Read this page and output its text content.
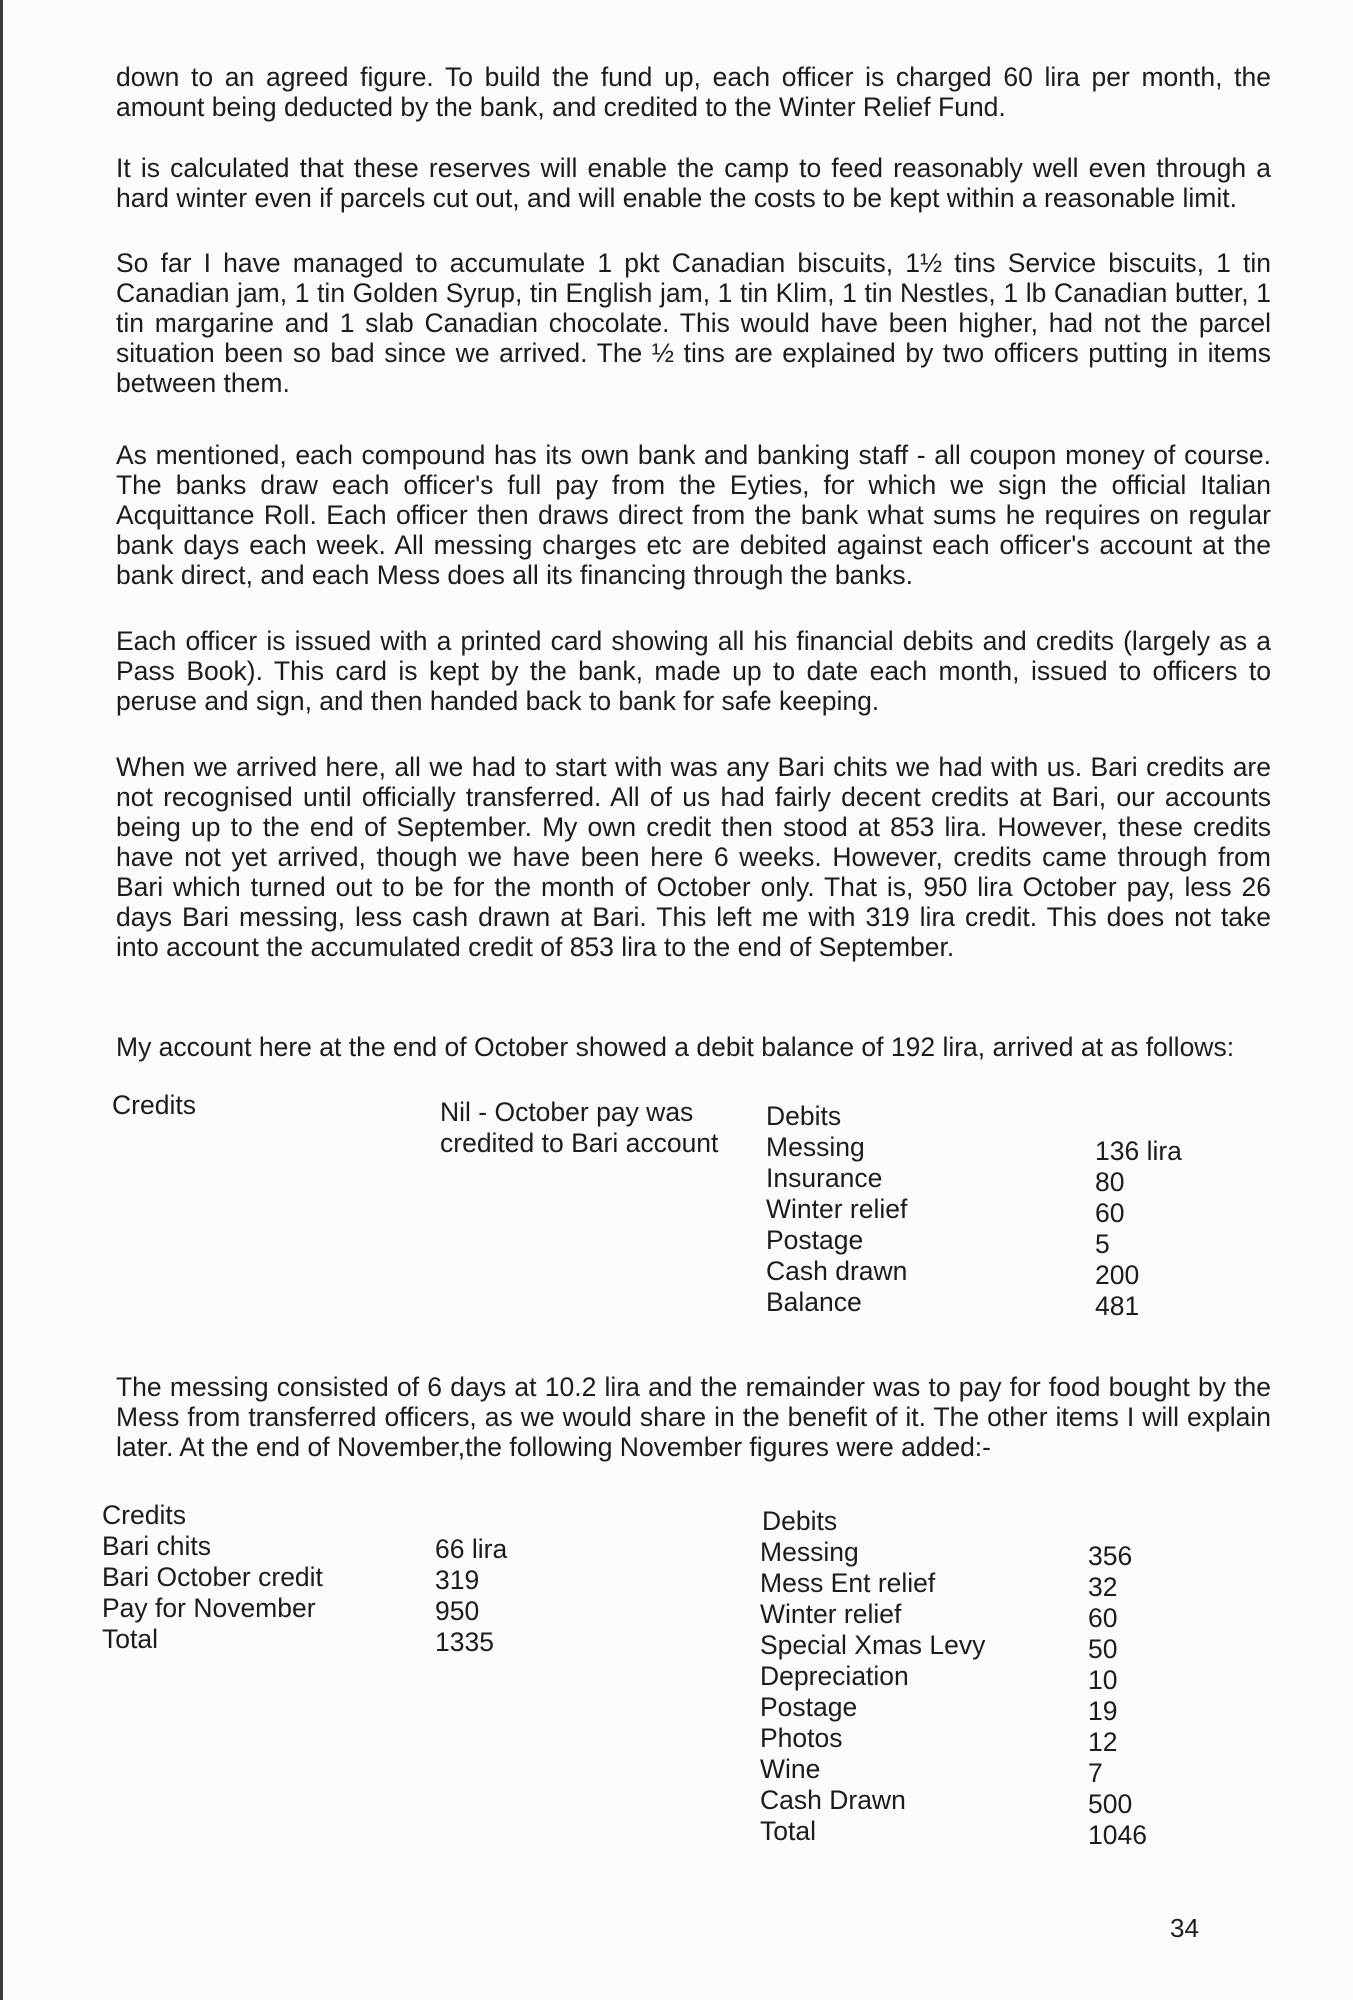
down to an agreed figure. To build the fund up, each officer is charged 60 lira per month, the amount being deducted by the bank, and credited to the Winter Relief Fund.

It is calculated that these reserves will enable the camp to feed reasonably well even through a hard winter even if parcels cut out, and will enable the costs to be kept within a reasonable limit.

So far I have managed to accumulate 1 pkt Canadian biscuits, 1½ tins Service biscuits, 1 tin Canadian jam, 1 tin Golden Syrup, tin English jam, 1 tin Klim, 1 tin Nestles, 1 lb Canadian butter, 1 tin margarine and 1 slab Canadian chocolate. This would have been higher, had not the parcel situation been so bad since we arrived. The ½ tins are explained by two officers putting in items between them.

As mentioned, each compound has its own bank and banking staff - all coupon money of course. The banks draw each officer's full pay from the Eyties, for which we sign the official Italian Acquittance Roll. Each officer then draws direct from the bank what sums he requires on regular bank days each week. All messing charges etc are debited against each officer's account at the bank direct, and each Mess does all its financing through the banks.

Each officer is issued with a printed card showing all his financial debits and credits (largely as a Pass Book). This card is kept by the bank, made up to date each month, issued to officers to peruse and sign, and then handed back to bank for safe keeping.

When we arrived here, all we had to start with was any Bari chits we had with us. Bari credits are not recognised until officially transferred. All of us had fairly decent credits at Bari, our accounts being up to the end of September. My own credit then stood at 853 lira. However, these credits have not yet arrived, though we have been here 6 weeks. However, credits came through from Bari which turned out to be for the month of October only. That is, 950 lira October pay, less 26 days Bari messing, less cash drawn at Bari. This left me with 319 lira credit. This does not take into account the accumulated credit of 853 lira to the end of September.

My account here at the end of October showed a debit balance of 192 lira, arrived at as follows:

Credits	Nil - October pay was
credited to Bari account
Debits
Messing
Insurance
Winter relief
Postage
Cash drawn
Balance
136 lira
80
60
5
200
481

The messing consisted of 6 days at 10.2 lira and the remainder was to pay for food bought by the Mess from transferred officers, as we would share in the benefit of it. The other items I will explain later. At the end of November,the following November figures were added:-

Credits
Bari chits
Bari October credit
Pay for November
Total
66 lira
319
950
1335
Debits
Messing
Mess Ent relief
Winter relief
Special Xmas Levy
Depreciation
Postage
Photos
Wine
Cash Drawn
Total
356
32
60
50
10
19
12
7
500
1046
34
